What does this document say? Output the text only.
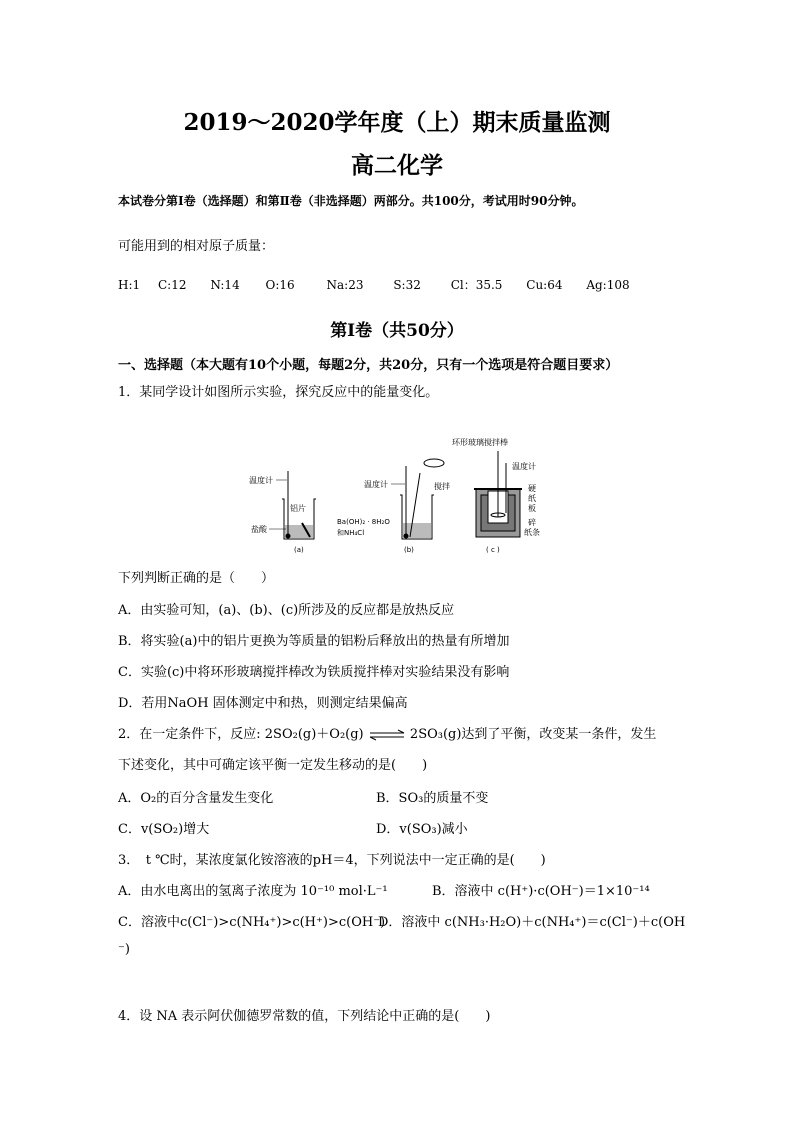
2019～2020学年度（上）期末质量监测
高二化学
本试卷分第Ⅰ卷（选择题）和第Ⅱ卷（非选择题）两部分。共100分，考试用时90分钟。
可能用到的相对原子质量：
H:1 C:12 N:14 O:16	Na:23 S:32 Cl：35.5 Cu:64 Ag:108
第Ⅰ卷（共50分）
一、选择题（本大题有10个小题，每题2分，共20分，只有一个选项是符合题目要求）
1．某同学设计如图所示实验，探究反应中的能量变化。
温度计
铝片
盐酸
(a)
温度计	搅拌
Ba(OH)₂ · 8H₂O
和NH₄Cl
(b)
环形玻璃搅拌棒
温度计
硬
纸
板
碎
纸条
( c )
下列判断正确的是（　　）
A．由实验可知，(a)、(b)、(c)所涉及的反应都是放热反应
B．将实验(a)中的铝片更换为等质量的铝粉后释放出的热量有所增加
C．实验(c)中将环形玻璃搅拌棒改为铁质搅拌棒对实验结果没有影响
D．若用NaOH 固体测定中和热，则测定结果偏高
2．在一定条件下，反应: 2SO₂(g)＋O₂(g) ⇌ 2SO₃(g)达到了平衡，改变某一条件，发生
下述变化，其中可确定该平衡一定发生移动的是(　　)
A．O₂的百分含量发生变化	B．SO₃的质量不变
C．v(SO₂)增大	D．v(SO₃)减小
3．　t ℃时，某浓度氯化铵溶液的pH＝4，下列说法中一定正确的是(　　)
A．由水电离出的氢离子浓度为 10⁻¹⁰ mol·L⁻¹	B．溶液中 c(H⁺)·c(OH⁻)＝1×10⁻¹⁴
C．溶液中c(Cl⁻)>c(NH₄⁺)>c(H⁺)>c(OH⁻)
D．溶液中 c(NH₃·H₂O)＋c(NH₄⁺)＝c(Cl⁻)＋c(OH
⁻)
4．设 NA 表示阿伏伽德罗常数的值，下列结论中正确的是(　　)
